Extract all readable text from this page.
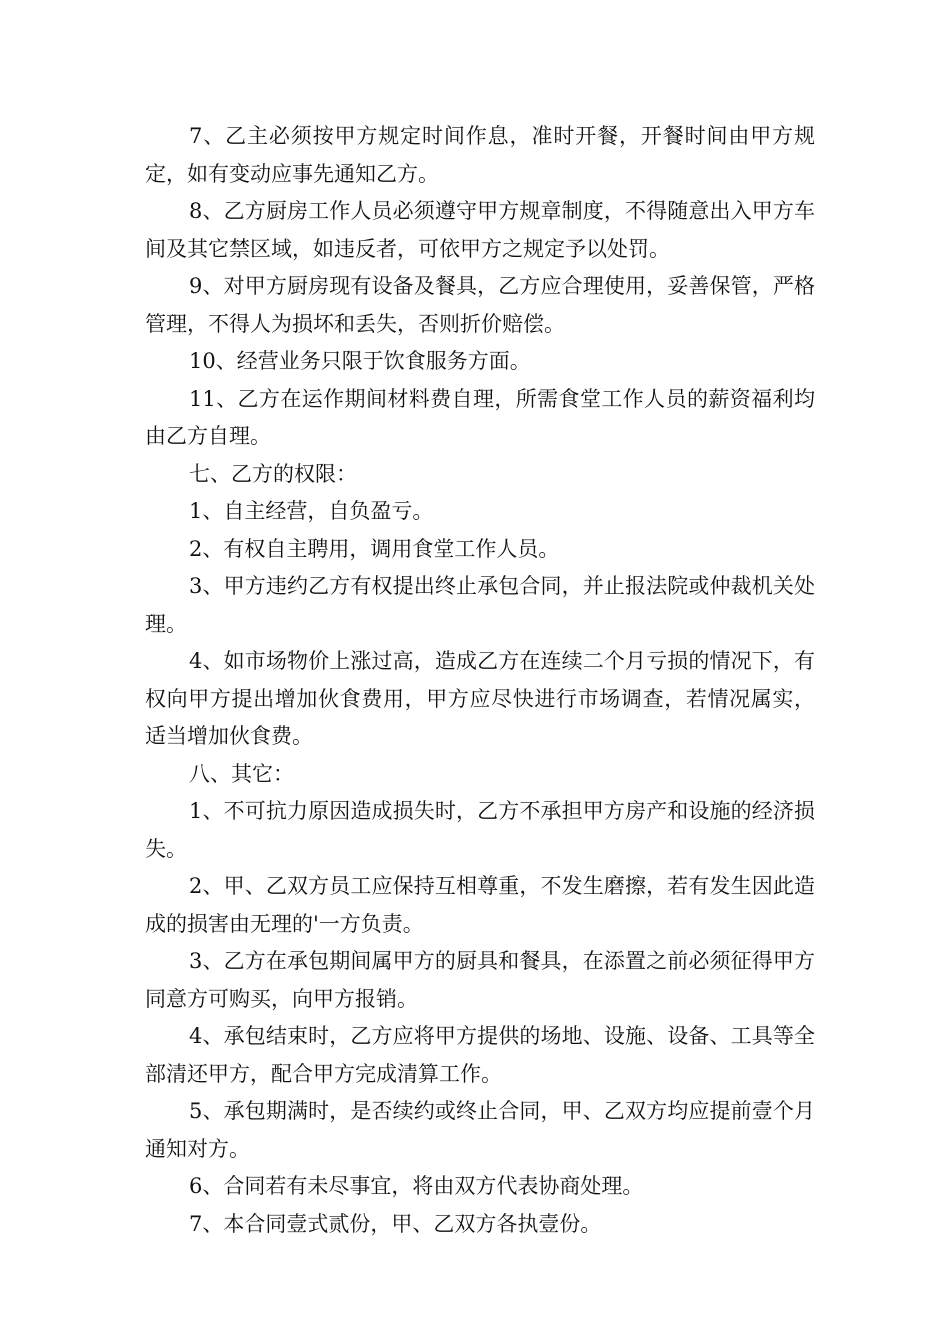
7、乙主必须按甲方规定时间作息，准时开餐，开餐时间由甲方规定，如有变动应事先通知乙方。

8、乙方厨房工作人员必须遵守甲方规章制度，不得随意出入甲方车间及其它禁区域，如违反者，可依甲方之规定予以处罚。

9、对甲方厨房现有设备及餐具，乙方应合理使用，妥善保管，严格管理，不得人为损坏和丢失，否则折价赔偿。

10、经营业务只限于饮食服务方面。

11、乙方在运作期间材料费自理，所需食堂工作人员的薪资福利均由乙方自理。

七、乙方的权限：

1、自主经营，自负盈亏。

2、有权自主聘用，调用食堂工作人员。

3、甲方违约乙方有权提出终止承包合同，并止报法院或仲裁机关处理。

4、如市场物价上涨过高，造成乙方在连续二个月亏损的情况下，有权向甲方提出增加伙食费用，甲方应尽快进行市场调查，若情况属实，适当增加伙食费。

八、其它：

1、不可抗力原因造成损失时，乙方不承担甲方房产和设施的经济损失。

2、甲、乙双方员工应保持互相尊重，不发生磨擦，若有发生因此造成的损害由无理的'一方负责。

3、乙方在承包期间属甲方的厨具和餐具，在添置之前必须征得甲方同意方可购买，向甲方报销。

4、承包结束时，乙方应将甲方提供的场地、设施、设备、工具等全部清还甲方，配合甲方完成清算工作。

5、承包期满时，是否续约或终止合同，甲、乙双方均应提前壹个月通知对方。

6、合同若有未尽事宜，将由双方代表协商处理。

7、本合同壹式贰份，甲、乙双方各执壹份。
